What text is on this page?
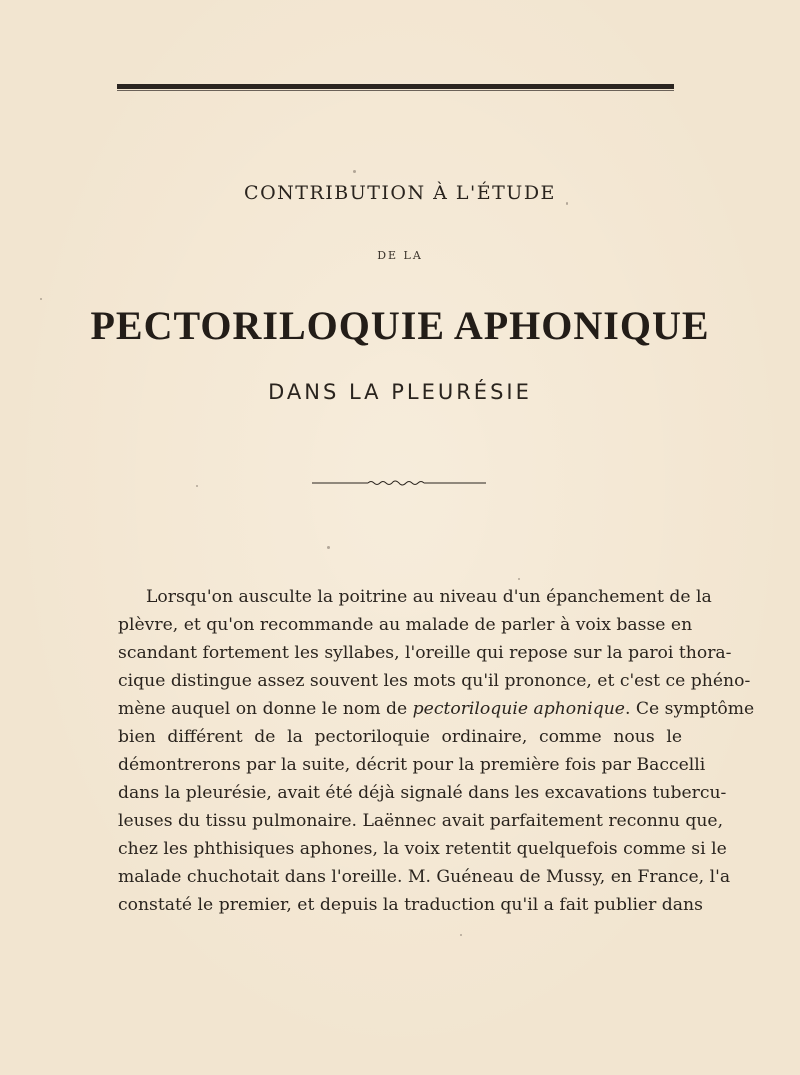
CONTRIBUTION À L'ÉTUDE
DE LA
PECTORILOQUIE APHONIQUE
DANS LA PLEURÉSIE
Lorsqu'on ausculte la poitrine au niveau d'un épanchement de la
plèvre, et qu'on recommande au malade de parler à voix basse en
scandant fortement les syllabes, l'oreille qui repose sur la paroi thora-
cique distingue assez souvent les mots qu'il prononce, et c'est ce phéno-
mène auquel on donne le nom de pectoriloquie aphonique. Ce symptôme
bien différent de la pectoriloquie ordinaire, comme nous le
démontrerons par la suite, décrit pour la première fois par Baccelli
dans la pleurésie, avait été déjà signalé dans les excavations tubercu-
leuses du tissu pulmonaire. Laënnec avait parfaitement reconnu que,
chez les phthisiques aphones, la voix retentit quelquefois comme si le
malade chuchotait dans l'oreille. M. Guéneau de Mussy, en France, l'a
constaté le premier, et depuis la traduction qu'il a fait publier dans
